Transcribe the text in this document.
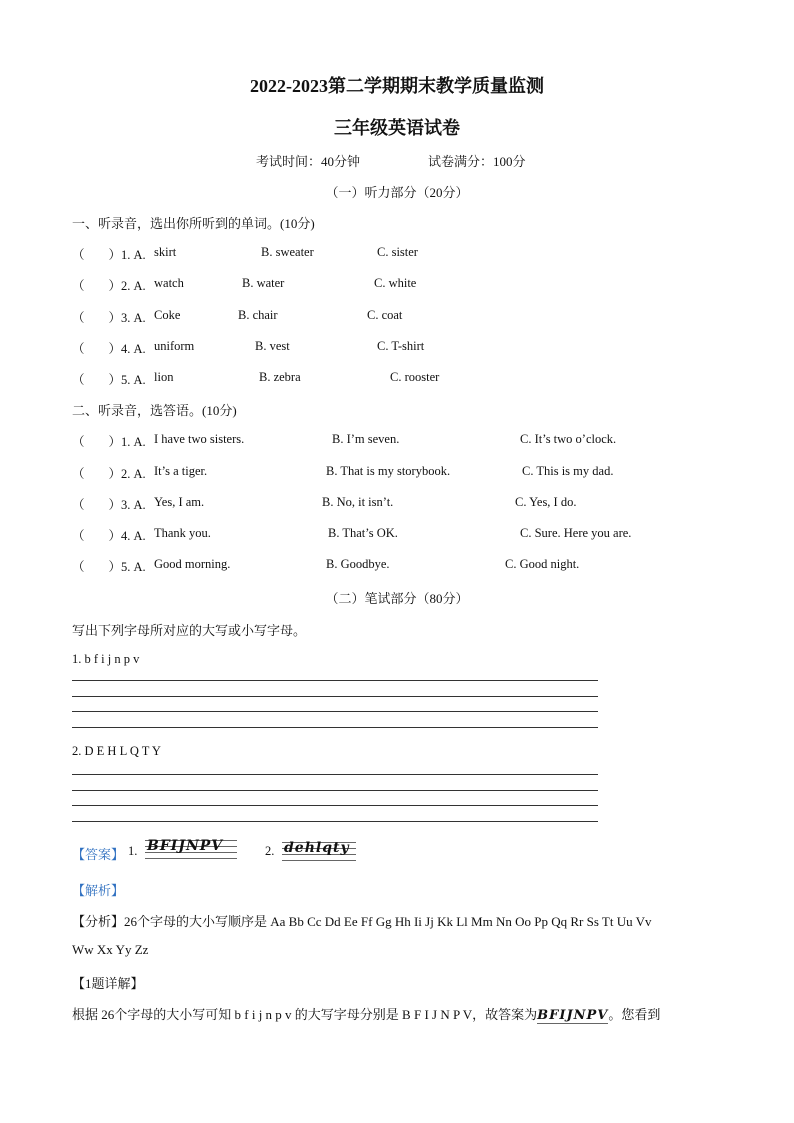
2022-2023第二学期期末教学质量监测
三年级英语试卷
考试时间：40分钟	试卷满分：100分
（一）听力部分（20分）
一、听录音，选出你所听到的单词。(10分)
（ ）1. A. skirt	B. sweater	C. sister
（ ）2. A. watch	B. water	C. white
（ ）3. A. Coke	B. chair	C. coat
（ ）4. A. uniform	B. vest	C. T-shirt
（ ）5. A. lion	B. zebra	C. rooster
二、听录音，选答语。(10分)
（ ）1. A. I have two sisters.	B. I’m seven.	C. It’s two o’clock.
（ ）2. A. It’s a tiger.	B. That is my storybook.	C. This is my dad.
（ ）3. A. Yes, I am.	B. No, it isn’t.	C. Yes, I do.
（ ）4. A. Thank you.	B. That’s OK.	C. Sure. Here you are.
（ ）5. A. Good morning.	B. Goodbye.	C. Good night.
（二）笔试部分（80分）
写出下列字母所对应的大写或小写字母。
1. b f i j n p v
2. D E H L Q T Y
【答案】 1. BFIJNPV	2. dehlqty
【解析】
【分析】26个字母的大小写顺序是 Aa Bb Cc Dd Ee Ff Gg Hh Ii Jj Kk Ll Mm Nn Oo Pp Qq Rr Ss Tt Uu Vv
Ww Xx Yy Zz
【1题详解】
根据 26个字母的大小写可知 b f i j n p v 的大写字母分别是 B F I J N P V，故答案为BFIJNPV。您看到
